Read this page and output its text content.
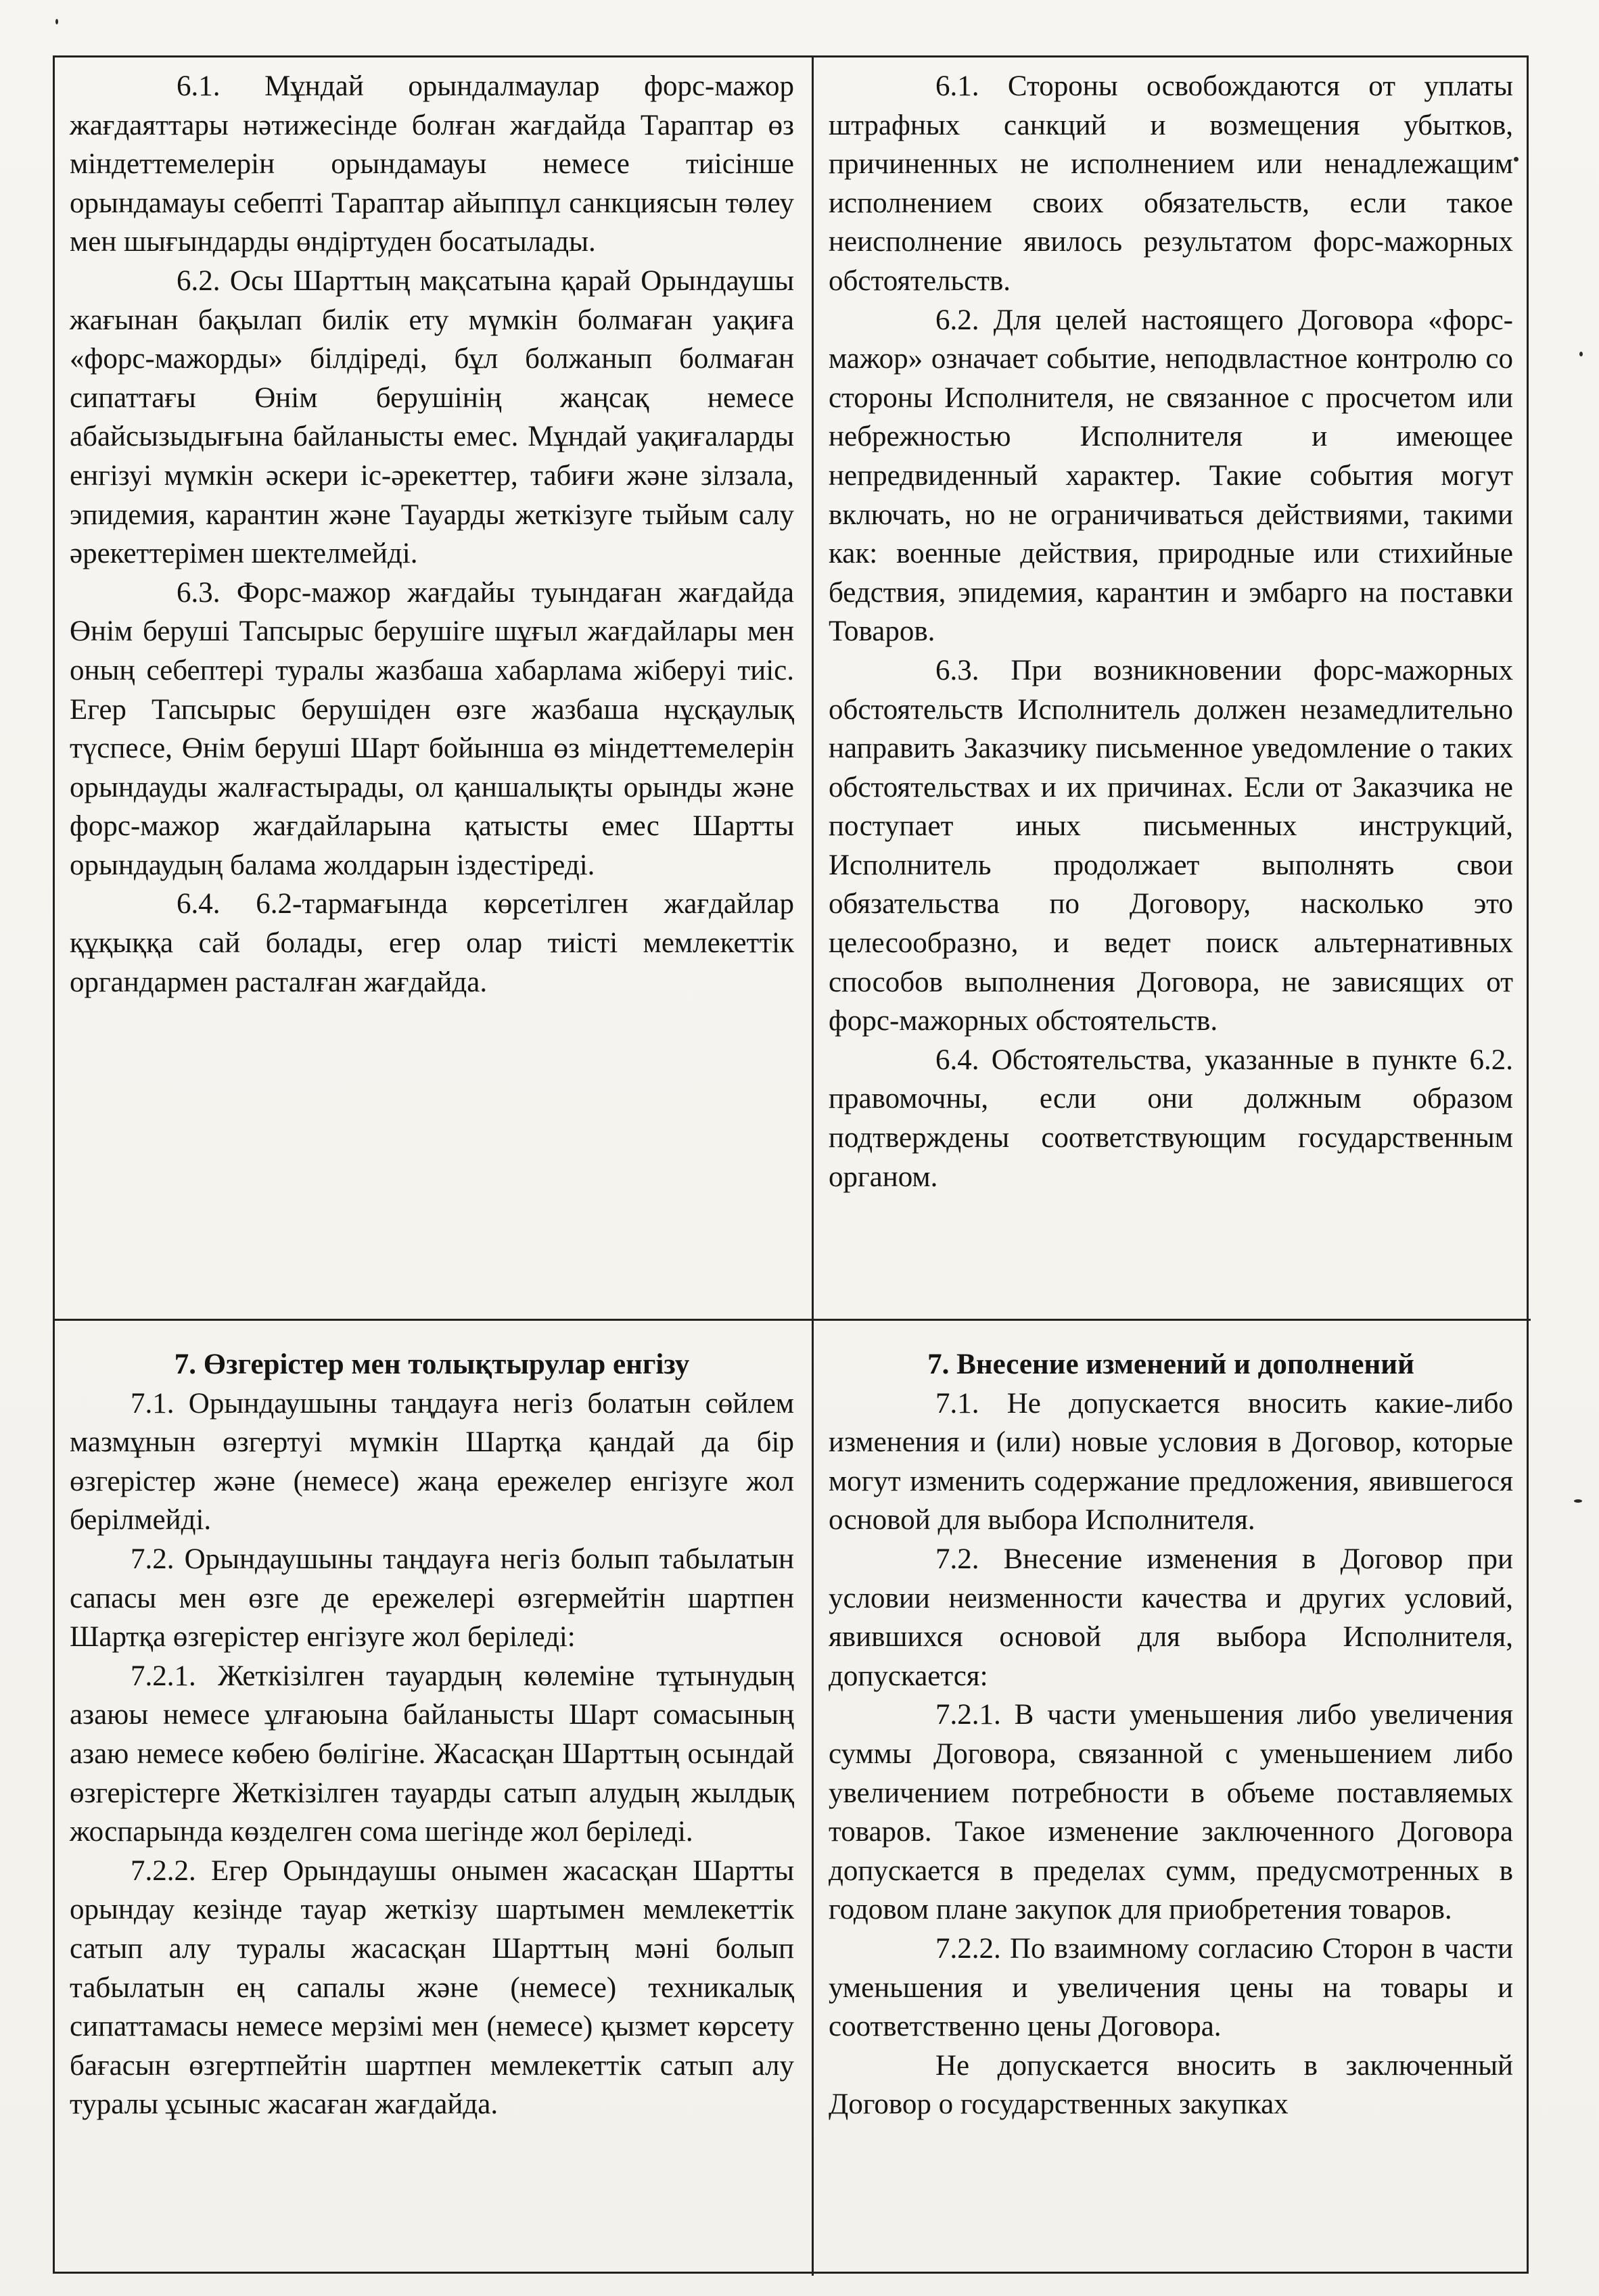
6.1. Мұндай орындалмаулар форс-мажор жағдаяттары нәтижесінде болған жағдайда Тараптар өз міндеттемелерін орындамауы немесе тиісінше орындамауы себепті Тараптар айыппұл санкциясын төлеу мен шығындарды өндіртуден босатылады.

6.2. Осы Шарттың мақсатына қарай Орындаушы жағынан бақылап билік ету мүмкін болмаған уақиға «форс-мажорды» білдіреді, бұл болжанып болмаған сипаттағы Өнім берушінің жаңсақ немесе абайсызыдығына байланысты емес. Мұндай уақиғаларды енгізуі мүмкін әскери іс-әрекеттер, табиғи және зілзала, эпидемия, карантин және Тауарды жеткізуге тыйым салу әрекеттерімен шектелмейді.

6.3. Форс-мажор жағдайы туындаған жағдайда Өнім беруші Тапсырыс берушіге шұғыл жағдайлары мен оның себептері туралы жазбаша хабарлама жіберуі тиіс. Егер Тапсырыс берушіден өзге жазбаша нұсқаулық түспесе, Өнім беруші Шарт бойынша өз міндеттемелерін орындауды жалғастырады, ол қаншалықты орынды және форс-мажор жағдайларына қатысты емес Шартты орындаудың балама жолдарын іздестіреді.

6.4. 6.2-тармағында көрсетілген жағдайлар құқыққа сай болады, егер олар тиісті мемлекеттік органдармен расталған жағдайда.

6.1. Стороны освобождаются от уплаты штрафных санкций и возмещения убытков, причиненных не исполнением или ненадлежащим исполнением своих обязательств, если такое неисполнение явилось результатом форс-мажорных обстоятельств.

6.2. Для целей настоящего Договора «форс-мажор» означает событие, неподвластное контролю со стороны Исполнителя, не связанное с просчетом или небрежностью Исполнителя и имеющее непредвиденный характер. Такие события могут включать, но не ограничиваться действиями, такими как: военные действия, природные или стихийные бедствия, эпидемия, карантин и эмбарго на поставки Товаров.

6.3. При возникновении форс-мажорных обстоятельств Исполнитель должен незамедлительно направить Заказчику письменное уведомление о таких обстоятельствах и их причинах. Если от Заказчика не поступает иных письменных инструкций, Исполнитель продолжает выполнять свои обязательства по Договору, насколько это целесообразно, и ведет поиск альтернативных способов выполнения Договора, не зависящих от форс-мажорных обстоятельств.

6.4. Обстоятельства, указанные в пункте 6.2. правомочны, если они должным образом подтверждены соответствующим государственным органом.

7. Өзгерістер мен толықтырулар енгізу

7.1. Орындаушыны таңдауға негіз болатын сөйлем мазмұнын өзгертуі мүмкін Шартқа қандай да бір өзгерістер және (немесе) жаңа ережелер енгізуге жол берілмейді.

7.2. Орындаушыны таңдауға негіз болып табылатын сапасы мен өзге де ережелері өзгермейтін шартпен Шартқа өзгерістер енгізуге жол беріледі:

7.2.1. Жеткізілген тауардың көлеміне тұтынудың азаюы немесе ұлғаюына байланысты Шарт сомасының азаю немесе көбею бөлігіне. Жасасқан Шарттың осындай өзгерістерге Жеткізілген тауарды сатып алудың жылдық жоспарында көзделген сома шегінде жол беріледі.

7.2.2. Егер Орындаушы онымен жасасқан Шартты орындау кезінде тауар жеткізу шартымен мемлекеттік сатып алу туралы жасасқан Шарттың мәні болып табылатын ең сапалы және (немесе) техникалық сипаттамасы немесе мерзімі мен (немесе) қызмет көрсету бағасын өзгертпейтін шартпен мемлекеттік сатып алу туралы ұсыныс жасаған жағдайда.

7. Внесение изменений и дополнений

7.1. Не допускается вносить какие-либо изменения и (или) новые условия в Договор, которые могут изменить содержание предложения, явившегося основой для выбора Исполнителя.

7.2. Внесение изменения в Договор при условии неизменности качества и других условий, явившихся основой для выбора Исполнителя, допускается:

7.2.1. В части уменьшения либо увеличения суммы Договора, связанной с уменьшением либо увеличением потребности в объеме поставляемых товаров. Такое изменение заключенного Договора допускается в пределах сумм, предусмотренных в годовом плане закупок для приобретения товаров.

7.2.2. По взаимному согласию Сторон в части уменьшения и увеличения цены на товары и соответственно цены Договора.

Не допускается вносить в заключенный Договор о государственных закупках
